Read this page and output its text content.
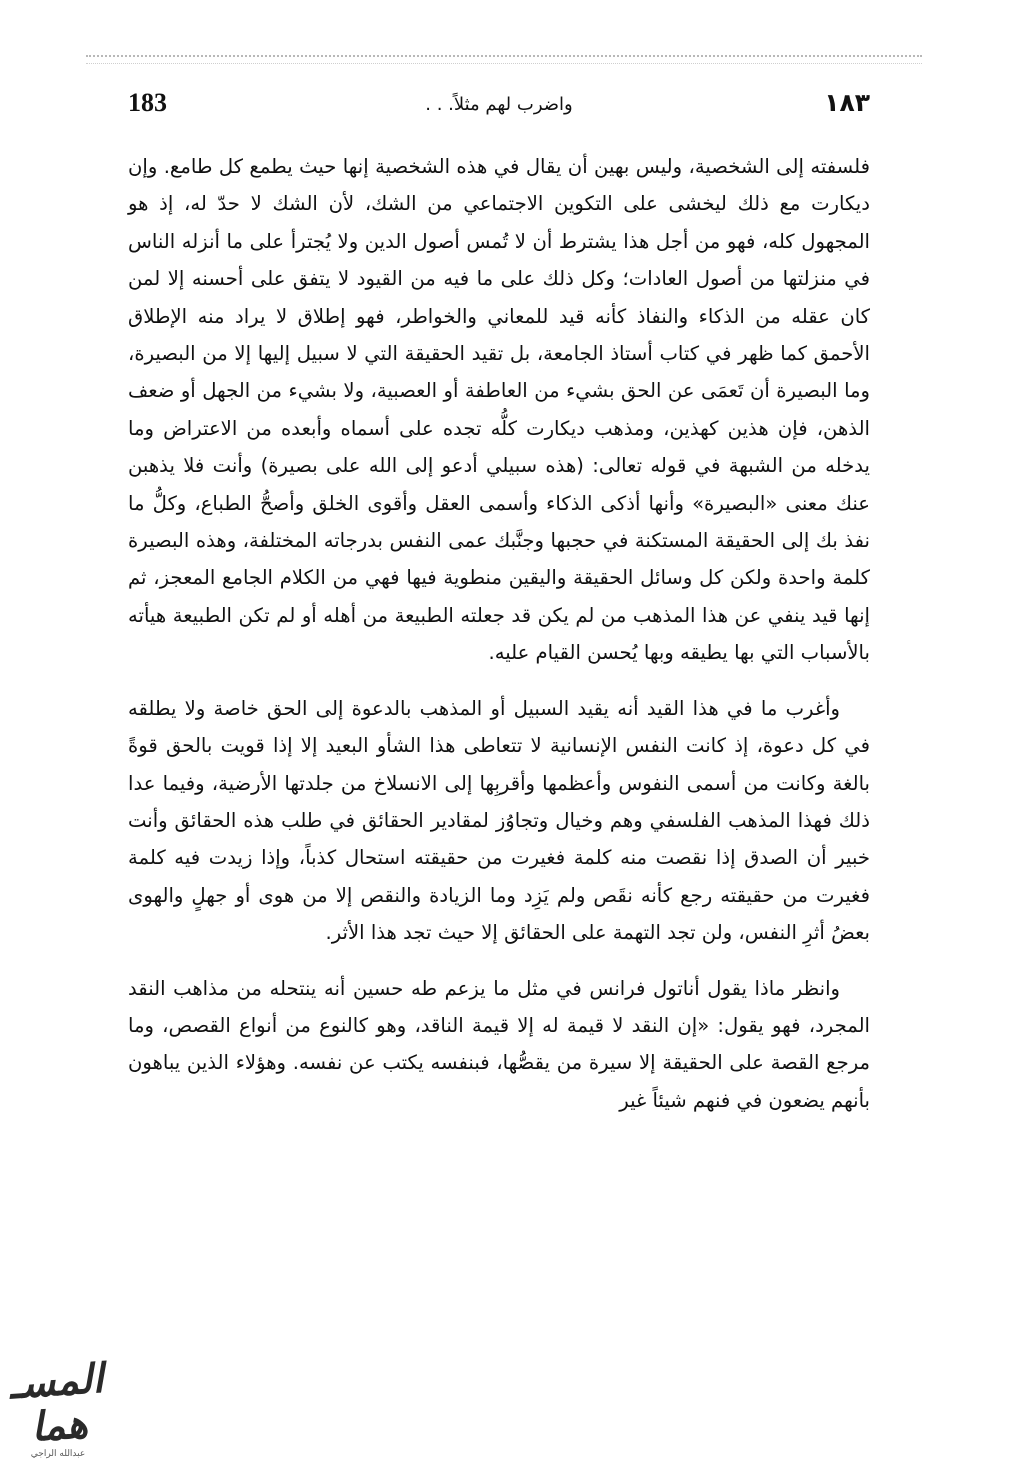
١٨٣
واضرب لهم مثلاً. . .
183

فلسفته إلى الشخصية، وليس بهين أن يقال في هذه الشخصية إنها حيث يطمع كل طامع. وإن ديكارت مع ذلك ليخشى على التكوين الاجتماعي من الشك، لأن الشك لا حدّ له، إذ هو المجهول كله، فهو من أجل هذا يشترط أن لا تُمس أصول الدين ولا يُجترأ على ما أنزله الناس في منزلتها من أصول العادات؛ وكل ذلك على ما فيه من القيود لا يتفق على أحسنه إلا لمن كان عقله من الذكاء والنفاذ كأنه قيد للمعاني والخواطر، فهو إطلاق لا يراد منه الإطلاق الأحمق كما ظهر في كتاب أستاذ الجامعة، بل تقيد الحقيقة التي لا سبيل إليها إلا من البصيرة، وما البصيرة أن تَعمَى عن الحق بشيء من العاطفة أو العصبية، ولا بشيء من الجهل أو ضعف الذهن، فإن هذين كهذين، ومذهب ديكارت كلُّه تجده على أسماه وأبعده من الاعتراض وما يدخله من الشبهة في قوله تعالى: (هذه سبيلي أدعو إلى الله على بصيرة) وأنت فلا يذهبن عنك معنى «البصيرة» وأنها أذكى الذكاء وأسمى العقل وأقوى الخلق وأصحُّ الطباع، وكلُّ ما نفذ بك إلى الحقيقة المستكنة في حجبها وجنَّبك عمى النفس بدرجاته المختلفة، وهذه البصيرة كلمة واحدة ولكن كل وسائل الحقيقة واليقين منطوية فيها فهي من الكلام الجامع المعجز، ثم إنها قيد ينفي عن هذا المذهب من لم يكن قد جعلته الطبيعة من أهله أو لم تكن الطبيعة هيأته بالأسباب التي بها يطيقه وبها يُحسن القيام عليه.

وأغرب ما في هذا القيد أنه يقيد السبيل أو المذهب بالدعوة إلى الحق خاصة ولا يطلقه في كل دعوة، إذ كانت النفس الإنسانية لا تتعاطى هذا الشأو البعيد إلا إذا قويت بالحق قوةً بالغة وكانت من أسمى النفوس وأعظمها وأقربِها إلى الانسلاخ من جلدتها الأرضية، وفيما عدا ذلك فهذا المذهب الفلسفي وهم وخيال وتجاوُز لمقادير الحقائق في طلب هذه الحقائق وأنت خبير أن الصدق إذا نقصت منه كلمة فغيرت من حقيقته استحال كذباً، وإذا زيدت فيه كلمة فغيرت من حقيقته رجع كأنه نقَص ولم يَزِد وما الزيادة والنقص إلا من هوى أو جهلٍ والهوى بعضُ أثرِ النفس، ولن تجد التهمة على الحقائق إلا حيث تجد هذا الأثر.

وانظر ماذا يقول أناتول فرانس في مثل ما يزعم طه حسين أنه ينتحله من مذاهب النقد المجرد، فهو يقول: «إن النقد لا قيمة له إلا قيمة الناقد، وهو كالنوع من أنواع القصص، وما مرجع القصة على الحقيقة إلا سيرة من يقصُّها، فبنفسه يكتب عن نفسه. وهؤلاء الذين يباهون بأنهم يضعون في فنهم شيئاً غير

المسـ هما
عبدالله الراجي
